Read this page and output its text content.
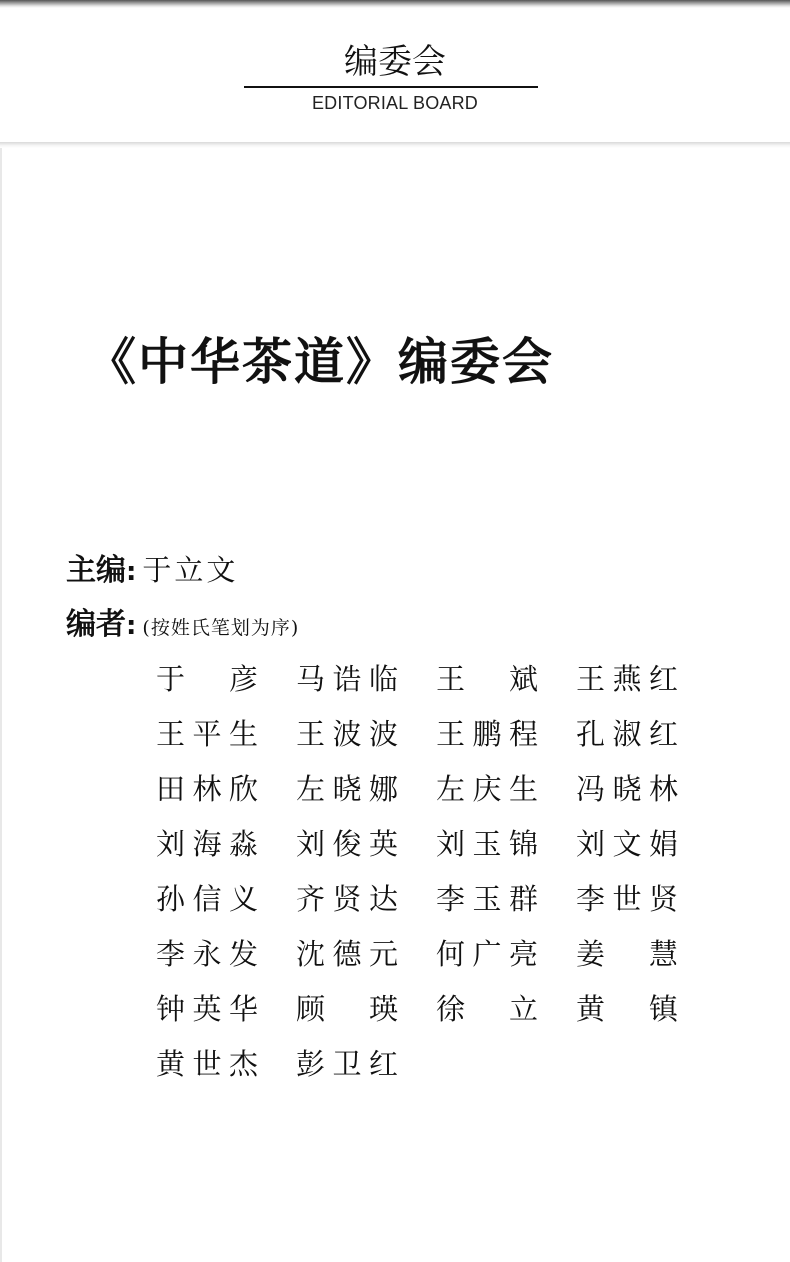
编委会
EDITORIAL BOARD
《中华茶道》编委会
主编: 于立文
编者: (按姓氏笔划为序)
于 彦 马 诰 临 王 斌 王 燕 红
王 平 生 王 波 波 王 鹏 程 孔 淑 红
田 林 欣 左 晓 娜 左 庆 生 冯 晓 林
刘 海 淼 刘 俊 英 刘 玉 锦 刘 文 娟
孙 信 义 齐 贤 达 李 玉 群 李 世 贤
李 永 发 沈 德 元 何 广 亮 姜 慧
钟 英 华 顾 瑛 徐 立 黄 镇
黄 世 杰 彭 卫 红
